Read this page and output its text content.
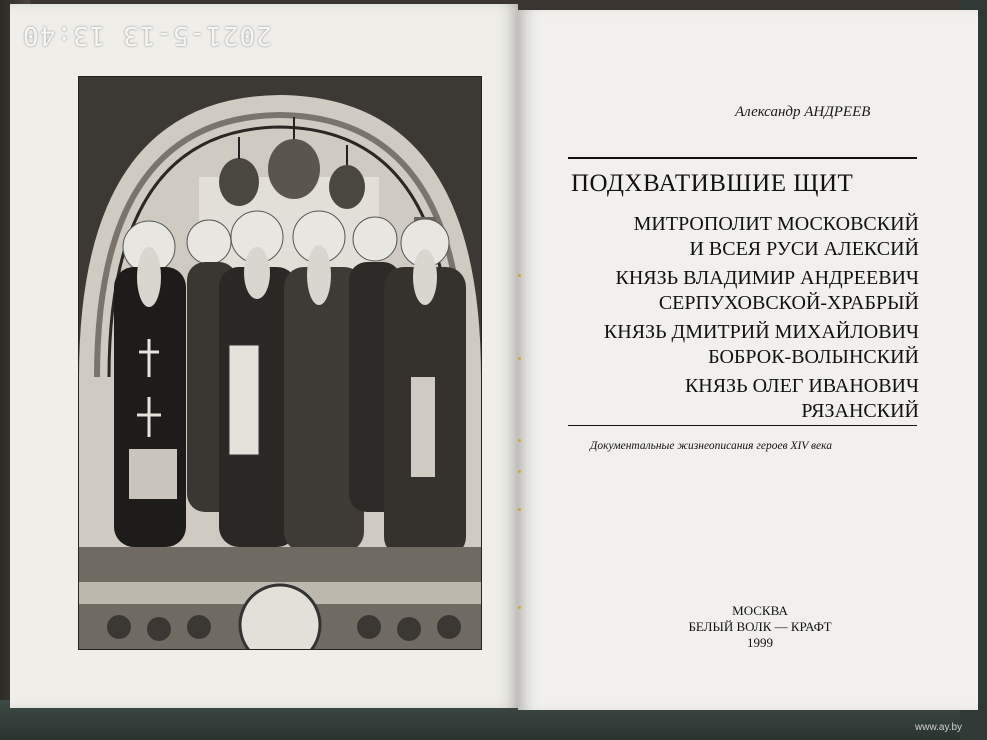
2021-5-13 13:40
Александр АНДРЕЕВ
ПОДХВАТИВШИЕ ЩИТ
МИТРОПОЛИТ МОСКОВСКИЙ
И ВСЕЯ РУСИ АЛЕКСИЙ
КНЯЗЬ ВЛАДИМИР АНДРЕЕВИЧ
СЕРПУХОВСКОЙ-ХРАБРЫЙ
КНЯЗЬ ДМИТРИЙ МИХАЙЛОВИЧ
БОБРОК-ВОЛЫНСКИЙ
КНЯЗЬ ОЛЕГ ИВАНОВИЧ
РЯЗАНСКИЙ
Документальные жизнеописания героев XIV века
МОСКВА
БЕЛЫЙ ВОЛК — КРАФТ
1999
www.ay.by
